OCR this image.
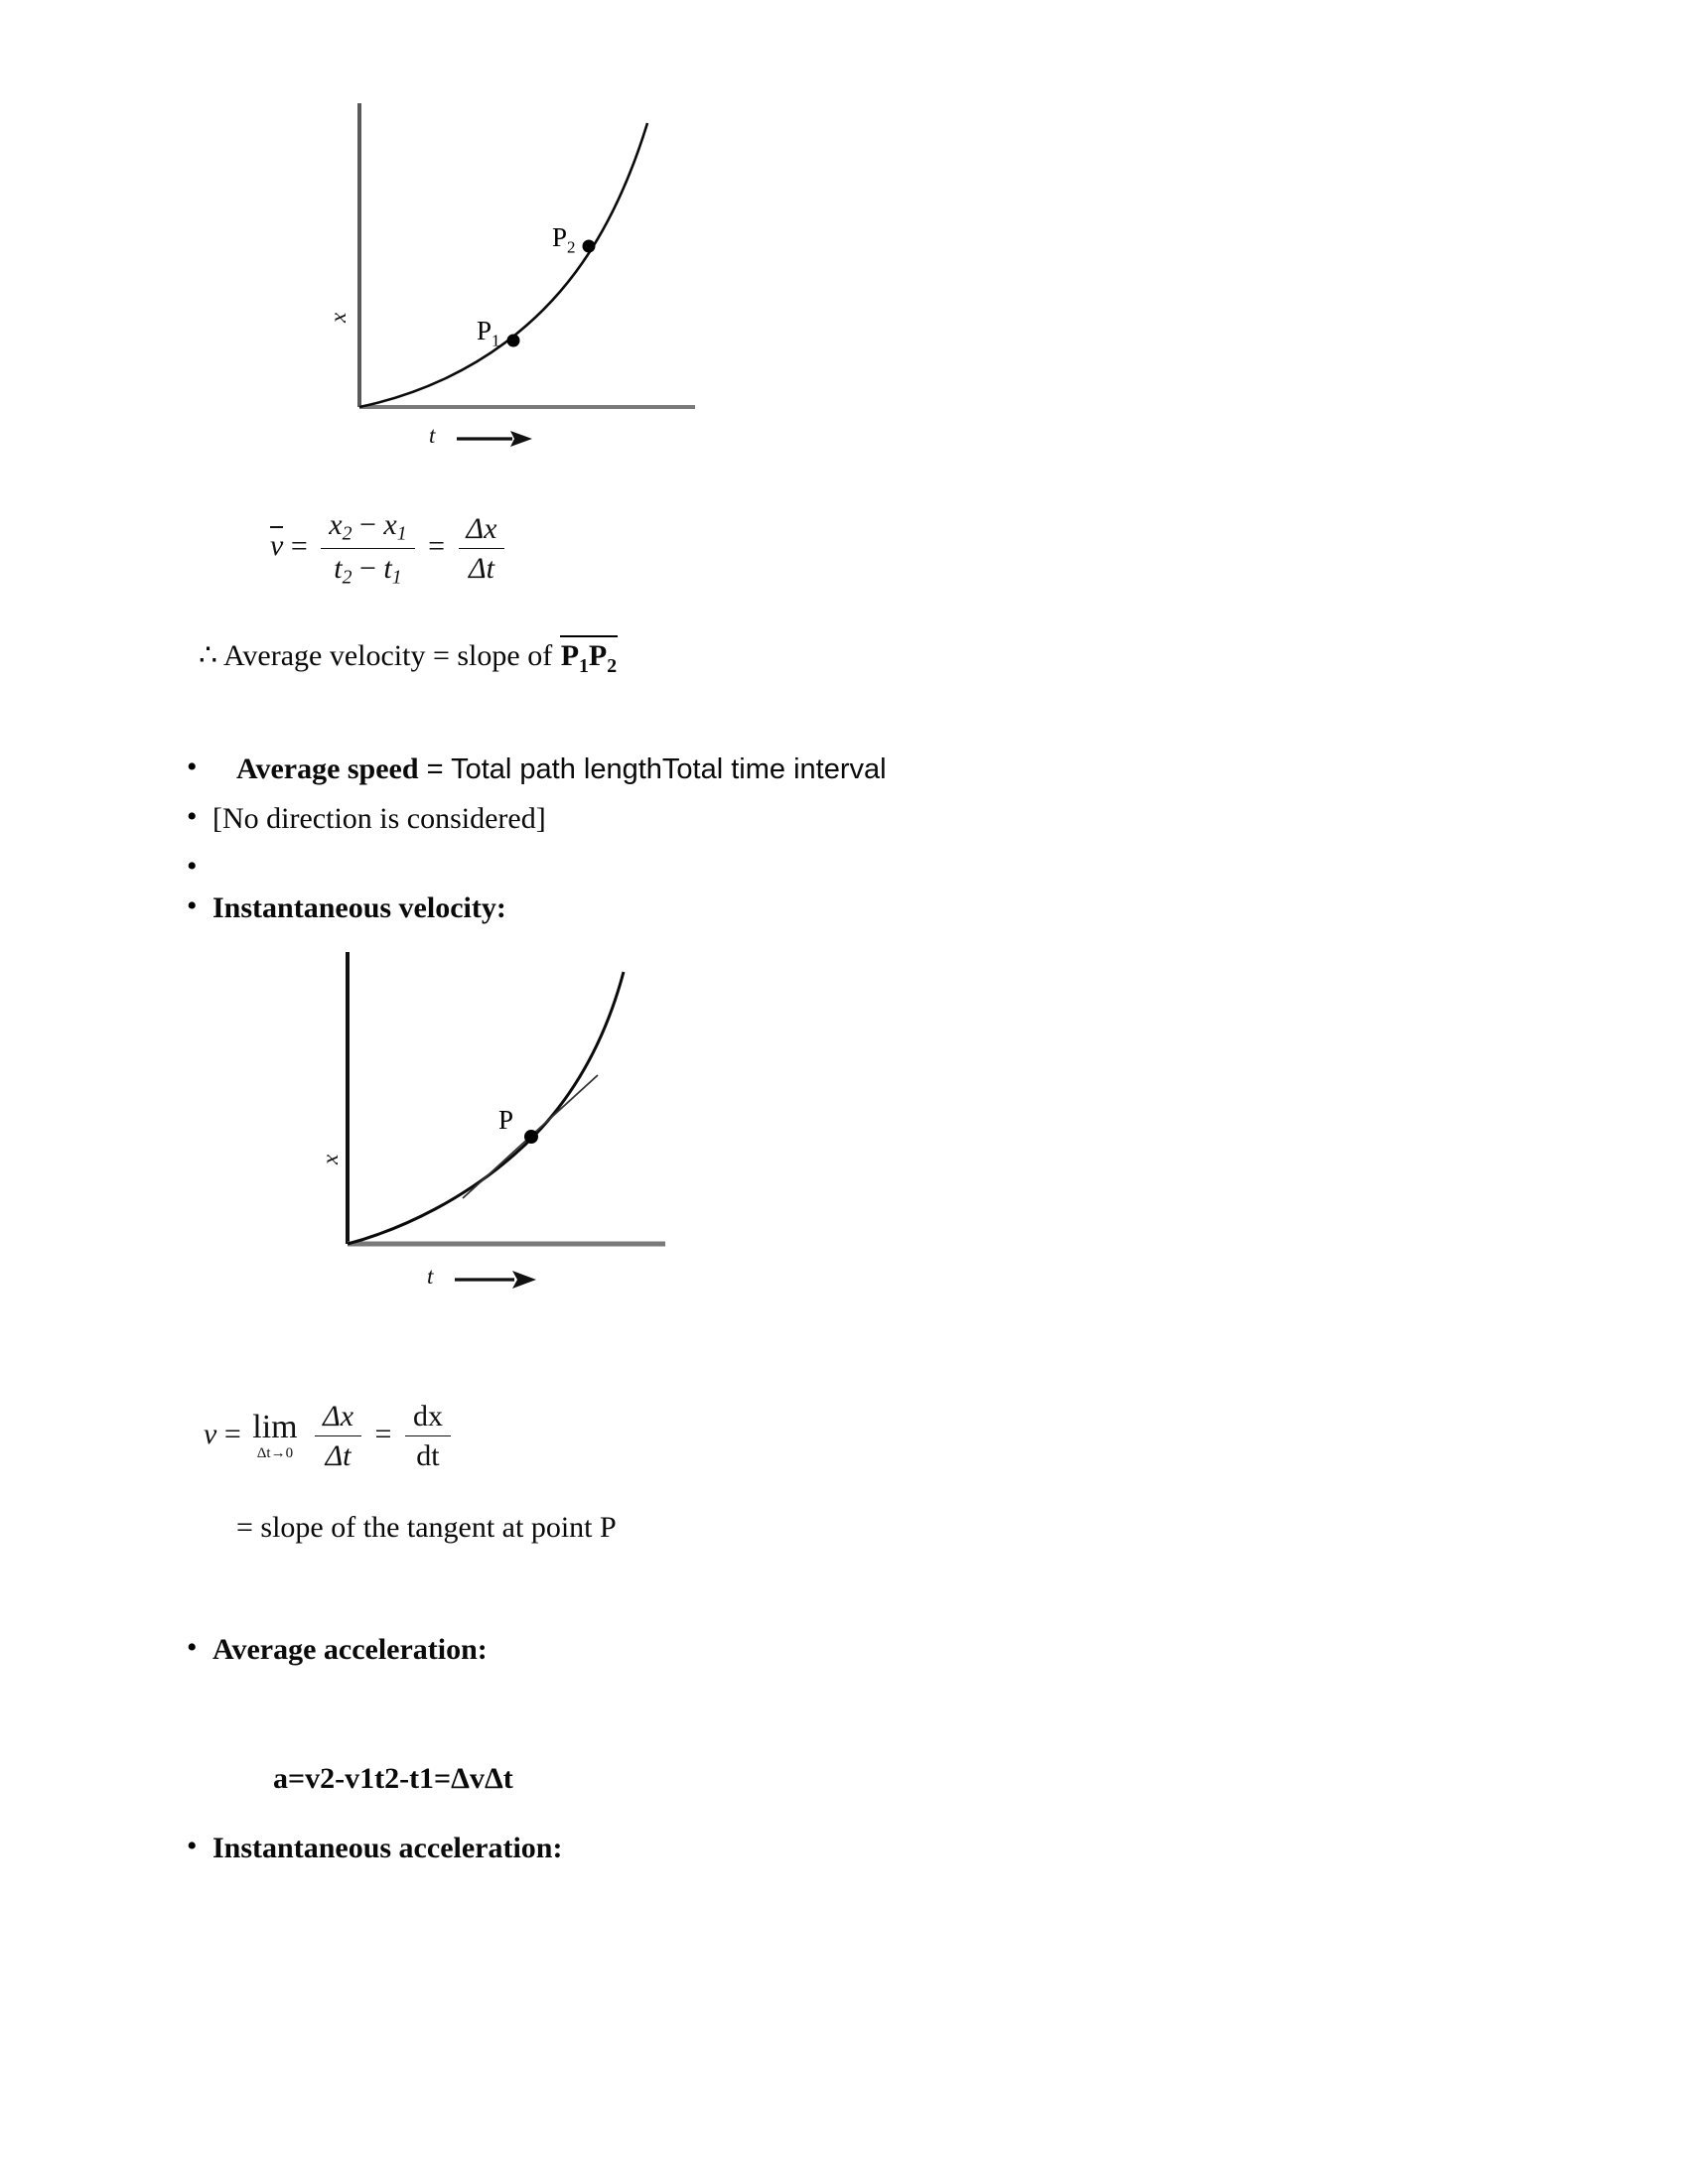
x
t
$P_1$
$P_2$
$v = \frac{x_2 - x_1}{t_2 - t_1} = \frac{\Delta x}{\Delta t}$
∴ Average velocity = slope of $P_1P_2$
•	Average speed = Total path lengthTotal time interval
• [No direction is considered]
•
• Instantaneous velocity:
x
t
P
v = lim
Δt→0
$\frac{\Delta x}{\Delta t} = \frac{dx}{dt}$
= slope of the tangent at point P
• Average acceleration:
a=v2-v1t2-t1=ΔvΔt
• Instantaneous acceleration:
